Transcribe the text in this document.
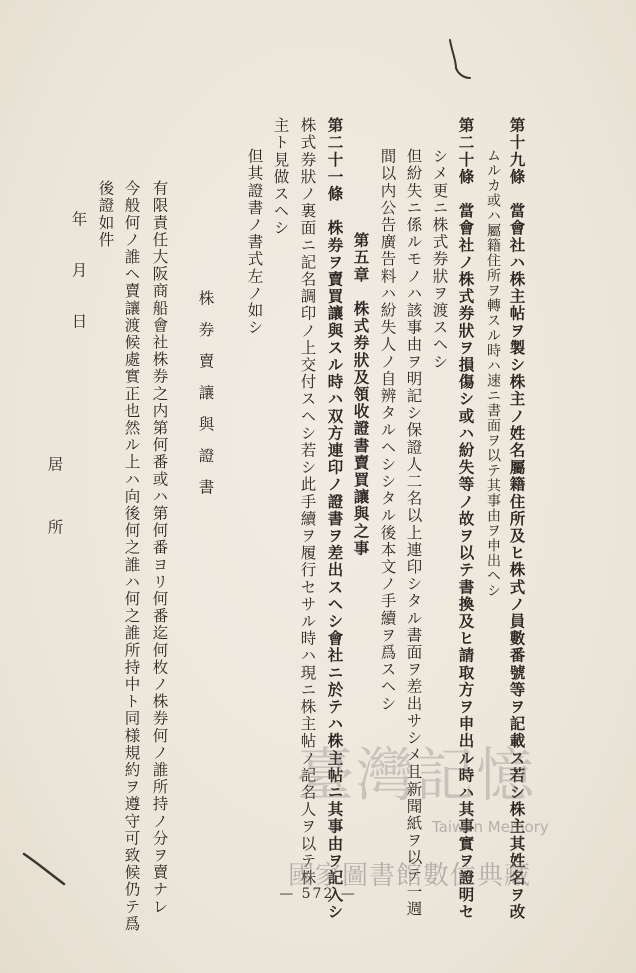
第十九條　當會社ハ株主帖ヲ製シ株主ノ姓名屬籍住所及ヒ株式ノ員數番號等ヲ記載ス若シ株主其姓名ヲ改
ムルカ或ハ屬籍住所ヲ轉スル時ハ速ニ書面ヲ以テ其事由ヲ申出ヘシ
第二十條　當會社ノ株式券狀ヲ損傷シ或ハ紛失等ノ故ヲ以テ書換及ヒ請取方ヲ申出ル時ハ其事實ヲ證明セ
シメ更ニ株式券狀ヲ渡スヘシ
但紛失ニ係ルモノハ該事由ヲ明記シ保證人二名以上連印シタル書面ヲ差出サシメ且新聞紙ヲ以テ一週
間以内公告廣告料ハ紛失人ノ自辨タルヘシシタル後本文ノ手續ヲ爲スヘシ
第五章　株式券狀及領收證書賣買讓與之事
第二十一條　株券ヲ賣買讓與スル時ハ双方連印ノ證書ヲ差出スヘシ會社ニ於テハ株主帖ニ其事由ヲ記入シ
株式券狀ノ裏面ニ記名調印ノ上交付スヘシ若シ此手續ヲ履行セサル時ハ現ニ株主帖ノ記名人ヲ以テ株
主ト見做スヘシ
但其證書ノ書式左ノ如シ
株券賣讓與證書
有限責任大阪商船會社株券之内第何番或ハ第何番ヨリ何番迄何枚ノ株券何ノ誰所持ノ分ヲ賣ナレ
今般何ノ誰ヘ賣讓渡候處實正也然ル上ハ向後何之誰ハ何之誰所持中ト同様規約ヲ遵守可致候仍テ爲
後證如件
年　月　日
居　所
— 572 —
臺灣記憶
Taiwan Memory
國家圖書館數位典藏
